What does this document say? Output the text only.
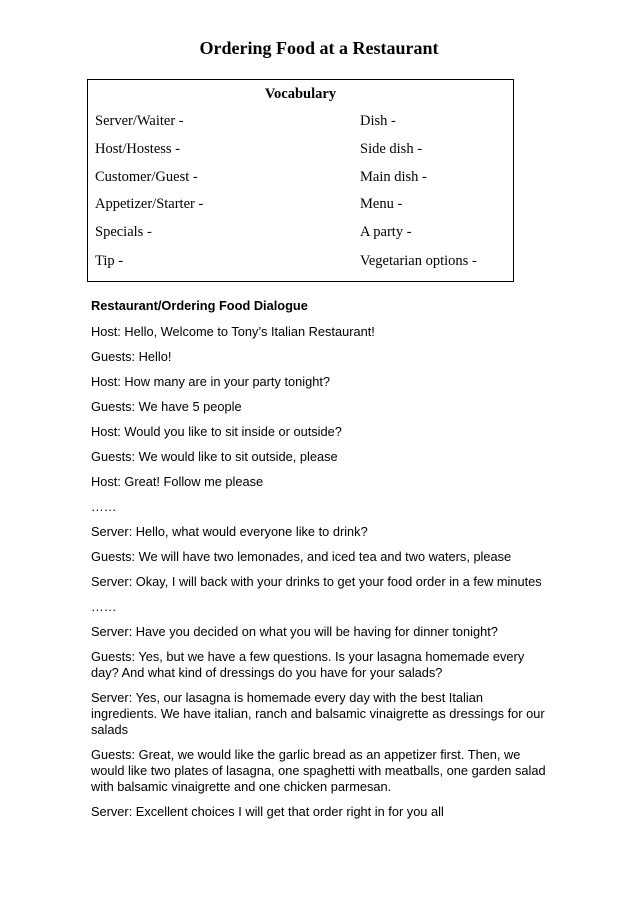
Ordering Food at a Restaurant
Vocabulary
Server/Waiter -
Host/Hostess -
Customer/Guest -
Appetizer/Starter -
Specials -
Tip -
Dish -
Side dish -
Main dish -
Menu -
A party -
Vegetarian options -

Restaurant/Ordering Food Dialogue

Host: Hello, Welcome to Tony’s Italian Restaurant!

Guests: Hello!

Host: How many are in your party tonight?

Guests: We have 5 people

Host: Would you like to sit inside or outside?

Guests: We would like to sit outside, please

Host: Great! Follow me please

……

Server: Hello, what would everyone like to drink?

Guests: We will have two lemonades, and iced tea and two waters, please

Server: Okay, I will back with your drinks to get your food order in a few minutes

……

Server: Have you decided on what you will be having for dinner tonight?

Guests: Yes, but we have a few questions. Is your lasagna homemade every day? And what kind of dressings do you have for your salads?

Server: Yes, our lasagna is homemade every day with the best Italian ingredients. We have italian, ranch and balsamic vinaigrette as dressings for our salads

Guests: Great, we would like the garlic bread as an appetizer first. Then, we would like two plates of lasagna, one spaghetti with meatballs, one garden salad with balsamic vinaigrette and one chicken parmesan.

Server: Excellent choices I will get that order right in for you all
